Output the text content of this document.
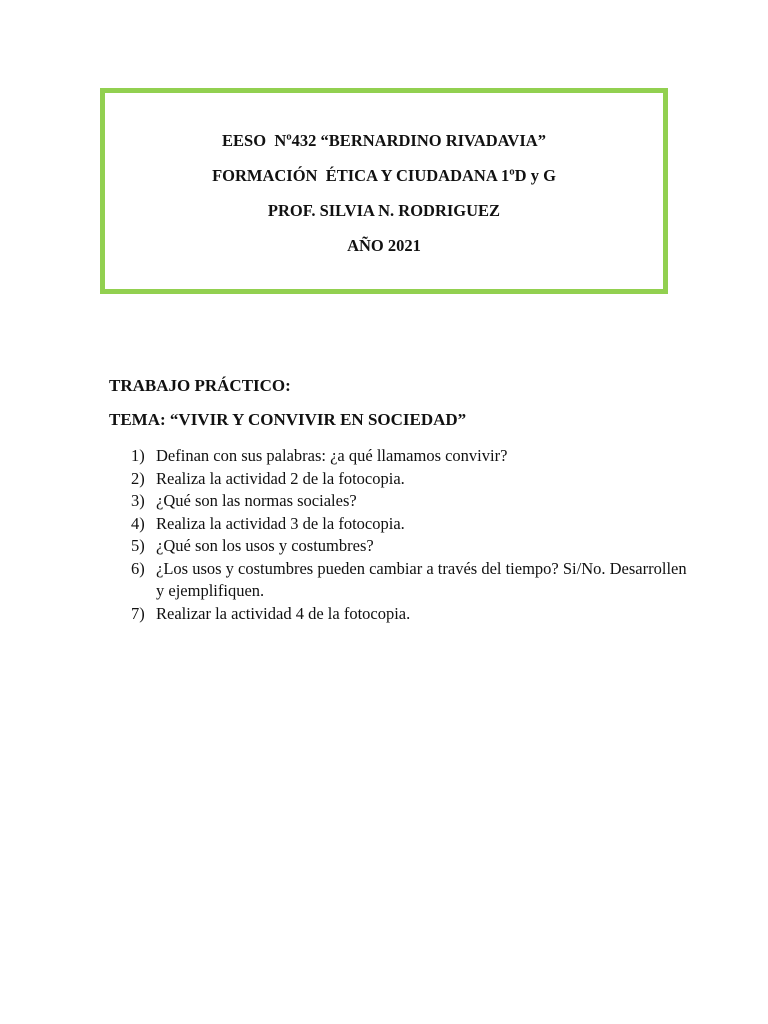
EESO  Nº432 “BERNARDINO RIVADAVIA”
FORMACIÓN  ÉTICA Y CIUDADANA 1ºD y G
PROF. SILVIA N. RODRIGUEZ
AÑO 2021
TRABAJO PRÁCTICO:
TEMA: “VIVIR Y CONVIVIR EN SOCIEDAD”
1) Definan con sus palabras: ¿a qué llamamos convivir?
2) Realiza la actividad 2 de la fotocopia.
3) ¿Qué son las normas sociales?
4) Realiza la actividad 3 de la fotocopia.
5) ¿Qué son los usos y costumbres?
6) ¿Los usos y costumbres pueden cambiar a través del tiempo? Si/No. Desarrollen y ejemplifiquen.
7) Realizar la actividad 4 de la fotocopia.
